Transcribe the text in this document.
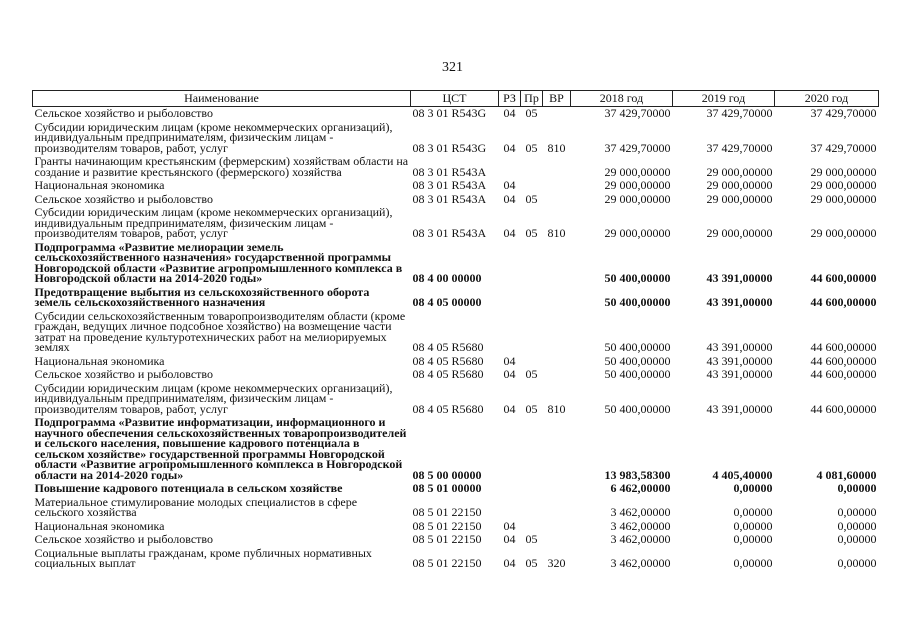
321
Наименование	ЦСТ	РЗ	Пр	ВР	2018 год	2019 год	2020 год
Сельское хозяйство и рыболовство	08 3 01 R543G	04	05		37 429,70000	37 429,70000	37 429,70000
Субсидии юридическим лицам (кроме некоммерческих организаций), индивидуальным предпринимателям, физическим лицам - производителям товаров, работ, услуг	08 3 01 R543G	04	05	810	37 429,70000	37 429,70000	37 429,70000
Гранты начинающим крестьянским (фермерским) хозяйствам области на создание и развитие крестьянского (фермерского) хозяйства	08 3 01 R543A				29 000,00000	29 000,00000	29 000,00000
Национальная экономика	08 3 01 R543A	04			29 000,00000	29 000,00000	29 000,00000
Сельское хозяйство и рыболовство	08 3 01 R543A	04	05		29 000,00000	29 000,00000	29 000,00000
Субсидии юридическим лицам (кроме некоммерческих организаций), индивидуальным предпринимателям, физическим лицам - производителям товаров, работ, услуг	08 3 01 R543A	04	05	810	29 000,00000	29 000,00000	29 000,00000
Подпрограмма «Развитие мелиорации земель сельскохозяйственного назначения» государственной программы Новгородской области «Развитие агропромышленного комплекса в Новгородской области на 2014-2020 годы»	08 4 00 00000				50 400,00000	43 391,00000	44 600,00000
Предотвращение выбытия из сельскохозяйственного оборота земель сельскохозяйственного назначения	08 4 05 00000				50 400,00000	43 391,00000	44 600,00000
Субсидии сельскохозяйственным товаропроизводителям области (кроме граждан, ведущих личное подсобное хозяйство) на возмещение части затрат на проведение культуротехнических работ на мелиорируемых землях	08 4 05 R5680				50 400,00000	43 391,00000	44 600,00000
Национальная экономика	08 4 05 R5680	04			50 400,00000	43 391,00000	44 600,00000
Сельское хозяйство и рыболовство	08 4 05 R5680	04	05		50 400,00000	43 391,00000	44 600,00000
Субсидии юридическим лицам (кроме некоммерческих организаций), индивидуальным предпринимателям, физическим лицам - производителям товаров, работ, услуг	08 4 05 R5680	04	05	810	50 400,00000	43 391,00000	44 600,00000
Подпрограмма «Развитие информатизации, информационного и научного обеспечения сельскохозяйственных товаропроизводителей и сельского населения, повышение кадрового потенциала в сельском хозяйстве» государственной программы Новгородской области «Развитие агропромышленного комплекса в Новгородской области на 2014-2020 годы»	08 5 00 00000				13 983,58300	4 405,40000	4 081,60000
Повышение кадрового потенциала в сельском хозяйстве	08 5 01 00000				6 462,00000	0,00000	0,00000
Материальное стимулирование молодых специалистов в сфере сельского хозяйства	08 5 01 22150				3 462,00000	0,00000	0,00000
Национальная экономика	08 5 01 22150	04			3 462,00000	0,00000	0,00000
Сельское хозяйство и рыболовство	08 5 01 22150	04	05		3 462,00000	0,00000	0,00000
Социальные выплаты гражданам, кроме публичных нормативных социальных выплат	08 5 01 22150	04	05	320	3 462,00000	0,00000	0,00000
